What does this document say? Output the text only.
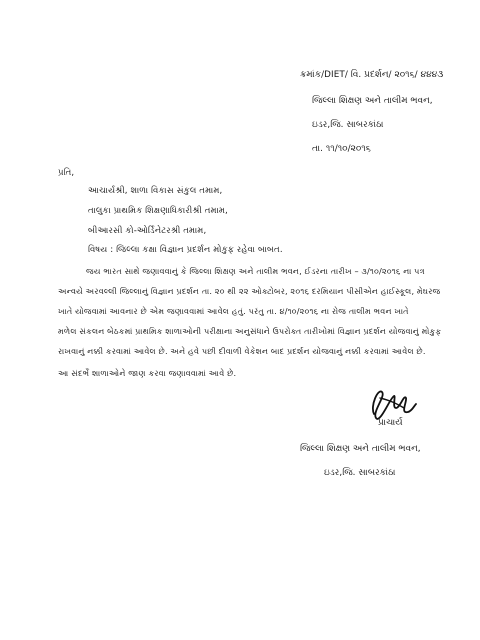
ક્રમાંક/DIET/ વિ. પ્રદર્શન/ ૨૦૧૬/ ૪૪૪૩
જિલ્લા શિક્ષણ અને તાલીમ ભવન,
ઇડર,જિ. સાબરકાંઠા
તા. ૧૧/૧૦/૨૦૧૬
પ્રતિ,
આચાર્યશ્રી, શાળા વિકાસ સંકુલ તમામ,
તાલુકા પ્રાથમિક શિક્ષણાધિકારીશ્રી તમામ,
બીઆરસી કો-ઓર્ડિનેટરશ્રી તમામ,
વિષય : જિલ્લા કક્ષા વિજ્ઞાન પ્રદર્શન મોકુફ રહેવા બાબત.
જય ભારત સાથે જણાવવાનું કે જિલ્લા શિક્ષણ અને તાલીમ ભવન, ઈડરના તારીખ – ૩/૧૦/૨૦૧૬ ના પત્ર
અન્વયે અરવલ્લી જિલ્લાનું વિજ્ઞાન પ્રદર્શન તા. ૨૦ થી ૨૨ ઓક્ટોબર, ૨૦૧૬ દરમિયાન પીસીએન હાઈસ્કૂલ, મેઘરજ
ખાતે યોજવામાં આવનાર છે એમ જણાવવામાં આવેલ હતું. પરંતુ તા. ૪/૧૦/૨૦૧૬ ના રોજ તાલીમ ભવન ખાતે
મળેલ સંકલન બેઠકમાં પ્રાથમિક શાળાઓની પરીક્ષાના અનુસંધાને ઉપરોક્ત તારીખોમાં વિજ્ઞાન પ્રદર્શન યોજવાનું મોકુફ
રાખવાનું નક્કી કરવામાં આવેલ છે. અને હવે પછી દીવાળી વેકેશન બાદ પ્રદર્શન યોજવાનું નક્કી કરવામાં આવેલ છે.
આ સંદર્ભે શાળાઓને જાણ કરવા જણાવવામાં આવે છે.
પ્રાચાર્ય
જિલ્લા શિક્ષણ અને તાલીમ ભવન,
ઇડર,જિ. સાબરકાંઠા
